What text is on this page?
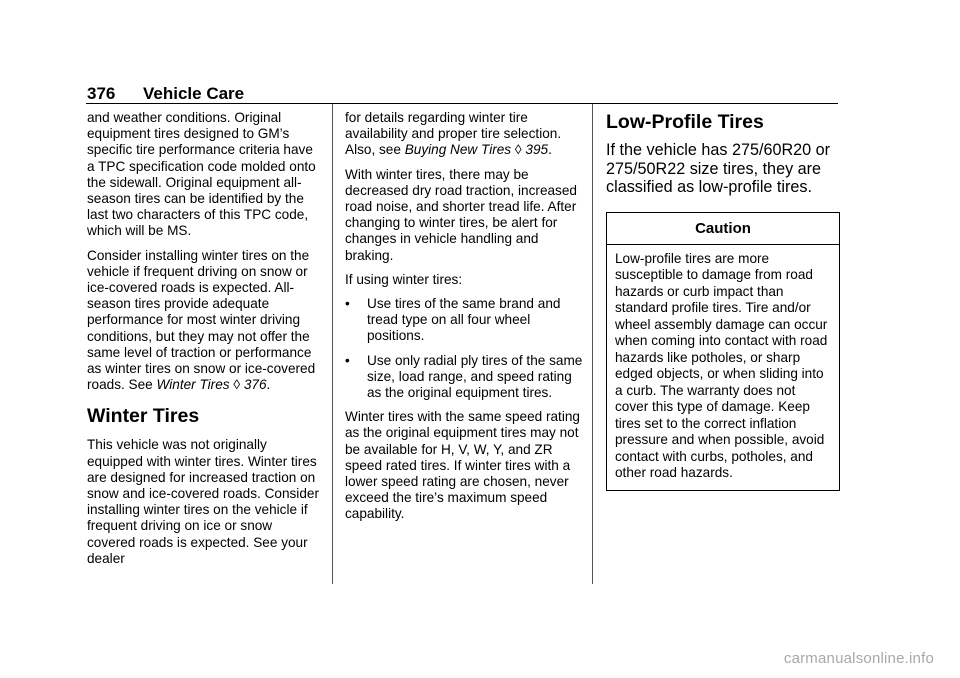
376 Vehicle Care

and weather conditions. Original equipment tires designed to GM’s specific tire performance criteria have a TPC specification code molded onto the sidewall. Original equipment all-season tires can be identified by the last two characters of this TPC code, which will be MS.

Consider installing winter tires on the vehicle if frequent driving on snow or ice-covered roads is expected. All-season tires provide adequate performance for most winter driving conditions, but they may not offer the same level of traction or performance as winter tires on snow or ice-covered roads. See Winter Tires ◊ 376.

Winter Tires

This vehicle was not originally equipped with winter tires. Winter tires are designed for increased traction on snow and ice-covered roads. Consider installing winter tires on the vehicle if frequent driving on ice or snow covered roads is expected. See your dealer

for details regarding winter tire availability and proper tire selection. Also, see Buying New Tires ◊ 395.

With winter tires, there may be decreased dry road traction, increased road noise, and shorter tread life. After changing to winter tires, be alert for changes in vehicle handling and braking.

If using winter tires:

•	Use tires of the same brand and tread type on all four wheel positions.
•	Use only radial ply tires of the same size, load range, and speed rating as the original equipment tires.

Winter tires with the same speed rating as the original equipment tires may not be available for H, V, W, Y, and ZR speed rated tires. If winter tires with a lower speed rating are chosen, never exceed the tire’s maximum speed capability.

Low-Profile Tires
If the vehicle has 275/60R20 or 275/50R22 size tires, they are classified as low-profile tires.
Caution
Low-profile tires are more susceptible to damage from road hazards or curb impact than standard profile tires. Tire and/or wheel assembly damage can occur when coming into contact with road hazards like potholes, or sharp edged objects, or when sliding into a curb. The warranty does not cover this type of damage. Keep tires set to the correct inflation pressure and when possible, avoid contact with curbs, potholes, and other road hazards.
carmanualsonline.info
